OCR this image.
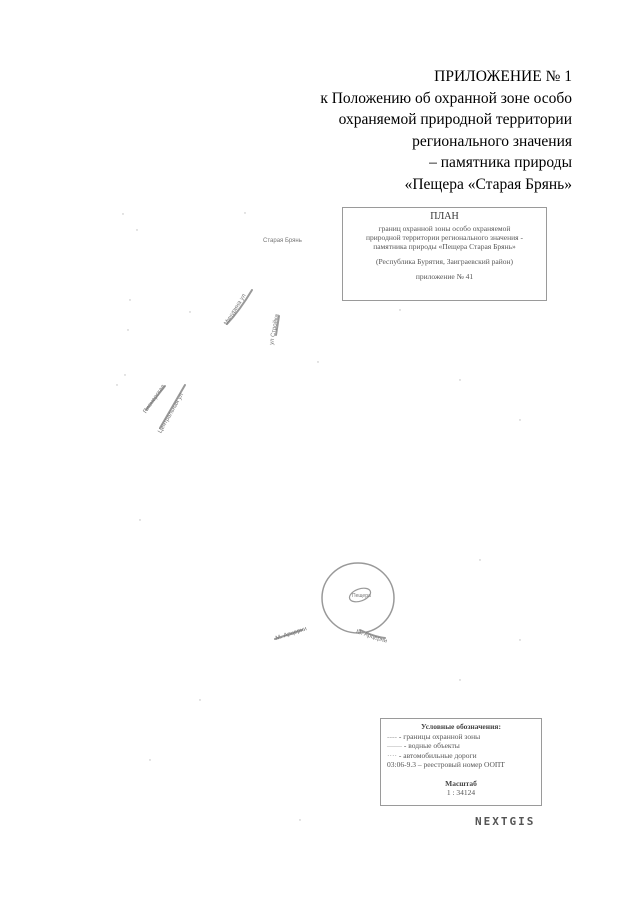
ПРИЛОЖЕНИЕ № 1
к Положению об охранной зоне особо
охраняемой природной территории
регионального значения
– памятника природы
«Пещера «Старая Брянь»
Старая Брянь
Мичурина ул
ул Стройка
Пионерская
Центральная ул
М. Арцерни	М. Арцерни
Пещера
ПЛАН
границ охранной зоны особо охраняемой
природной территории регионального значения -
памятника природы «Пещера Старая Брянь»
(Республика Бурятия, Заиграевский район)
приложение № 41
Условные обозначения:
---- - границы охранной зоны
—— - водные объекты
···· - автомобильные дороги
03:06-9.3 – реестровый номер ООПТ
Масштаб
1 : 34124
NEXTGIS
